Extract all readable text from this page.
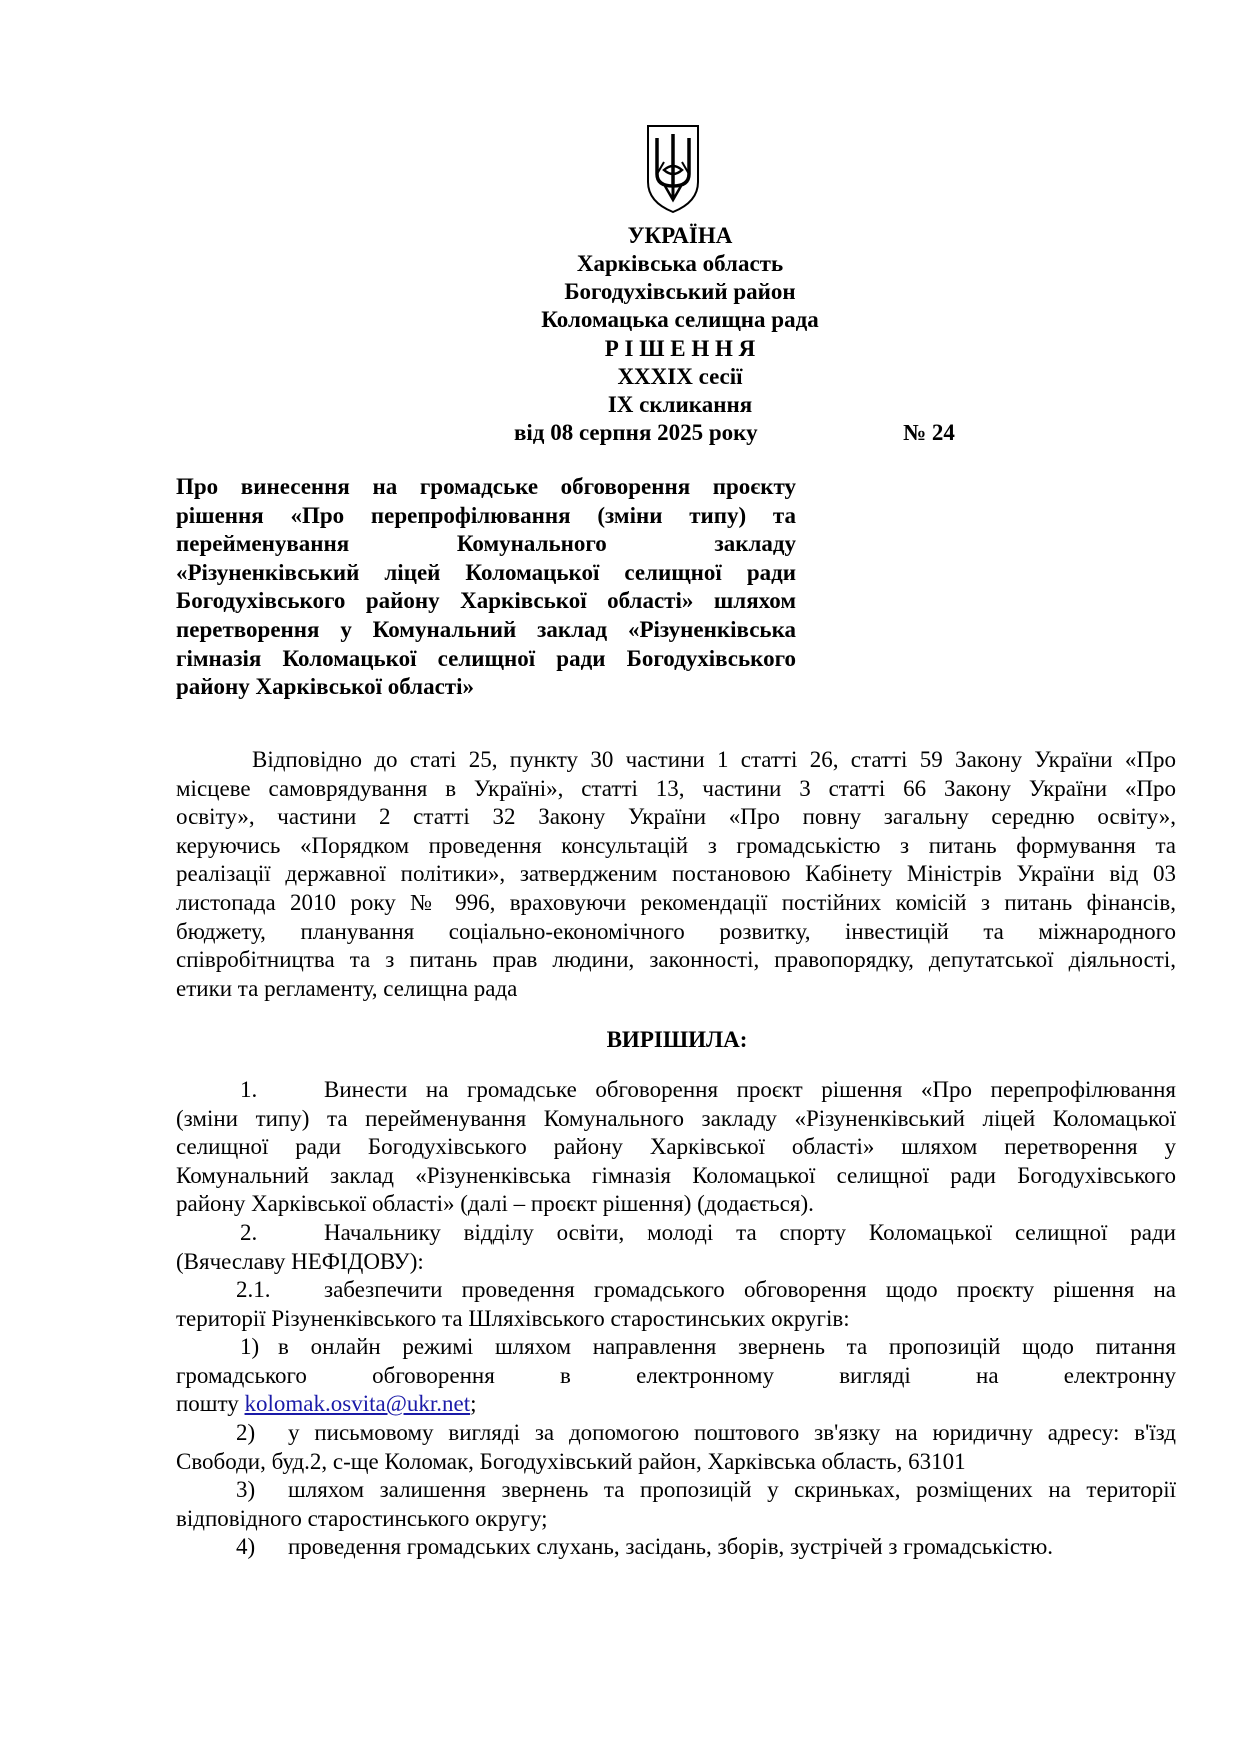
УКРАЇНА
Харківська область
Богодухівський район
Коломацька селищна рада
Р І Ш Е Н Н Я
XXXIX сесії
IX скликання
від 08 серпня 2025 року	№ 24
Про винесення на громадське обговорення проєкту
рішення «Про перепрофілювання (зміни типу) та
перейменування Комунального закладу
«Різуненківський ліцей Коломацької селищної ради
Богодухівського району Харківської області» шляхом
перетворення у Комунальний заклад «Різуненківська
гімназія Коломацької селищної ради Богодухівського
району Харківської області»
Відповідно до статі 25, пункту 30 частини 1 статті 26, статті 59 Закону України «Про
місцеве самоврядування в Україні», статті 13, частини 3 статті 66 Закону України «Про
освіту», частини 2 статті 32 Закону України «Про повну загальну середню освіту»,
керуючись «Порядком проведення консультацій з громадськістю з питань формування та
реалізації державної політики», затвердженим постановою Кабінету Міністрів України від 03
листопада 2010 року № 996, враховуючи рекомендації постійних комісій з питань фінансів,
бюджету, планування соціально-економічного розвитку, інвестицій та міжнародного
співробітництва та з питань прав людини, законності, правопорядку, депутатської діяльності,
етики та регламенту, селищна рада
ВИРІШИЛА:
1.	Винести на громадське обговорення проєкт рішення «Про перепрофілювання
(зміни типу) та перейменування Комунального закладу «Різуненківський ліцей Коломацької
селищної ради Богодухівського району Харківської області» шляхом перетворення у
Комунальний заклад «Різуненківська гімназія Коломацької селищної ради Богодухівського
району Харківської області» (далі – проєкт рішення) (додається).
2.	Начальнику відділу освіти, молоді та спорту Коломацької селищної ради
(Вячеславу НЕФІДОВУ):
2.1.	забезпечити проведення громадського обговорення щодо проєкту рішення на
території Різуненківського та Шляхівського старостинських округів:
1) в онлайн режимі шляхом направлення звернень та пропозицій щодо питання
громадського обговорення в електронному вигляді на електронну
пошту kolomak.osvita@ukr.net;
2)	у письмовому вигляді за допомогою поштового зв'язку на юридичну адресу: в'їзд
Свободи, буд.2, с-ще Коломак, Богодухівський район, Харківська область, 63101
3)	шляхом залишення звернень та пропозицій у скриньках, розміщених на території
відповідного старостинського округу;
4)	проведення громадських слухань, засідань, зборів, зустрічей з громадськістю.
